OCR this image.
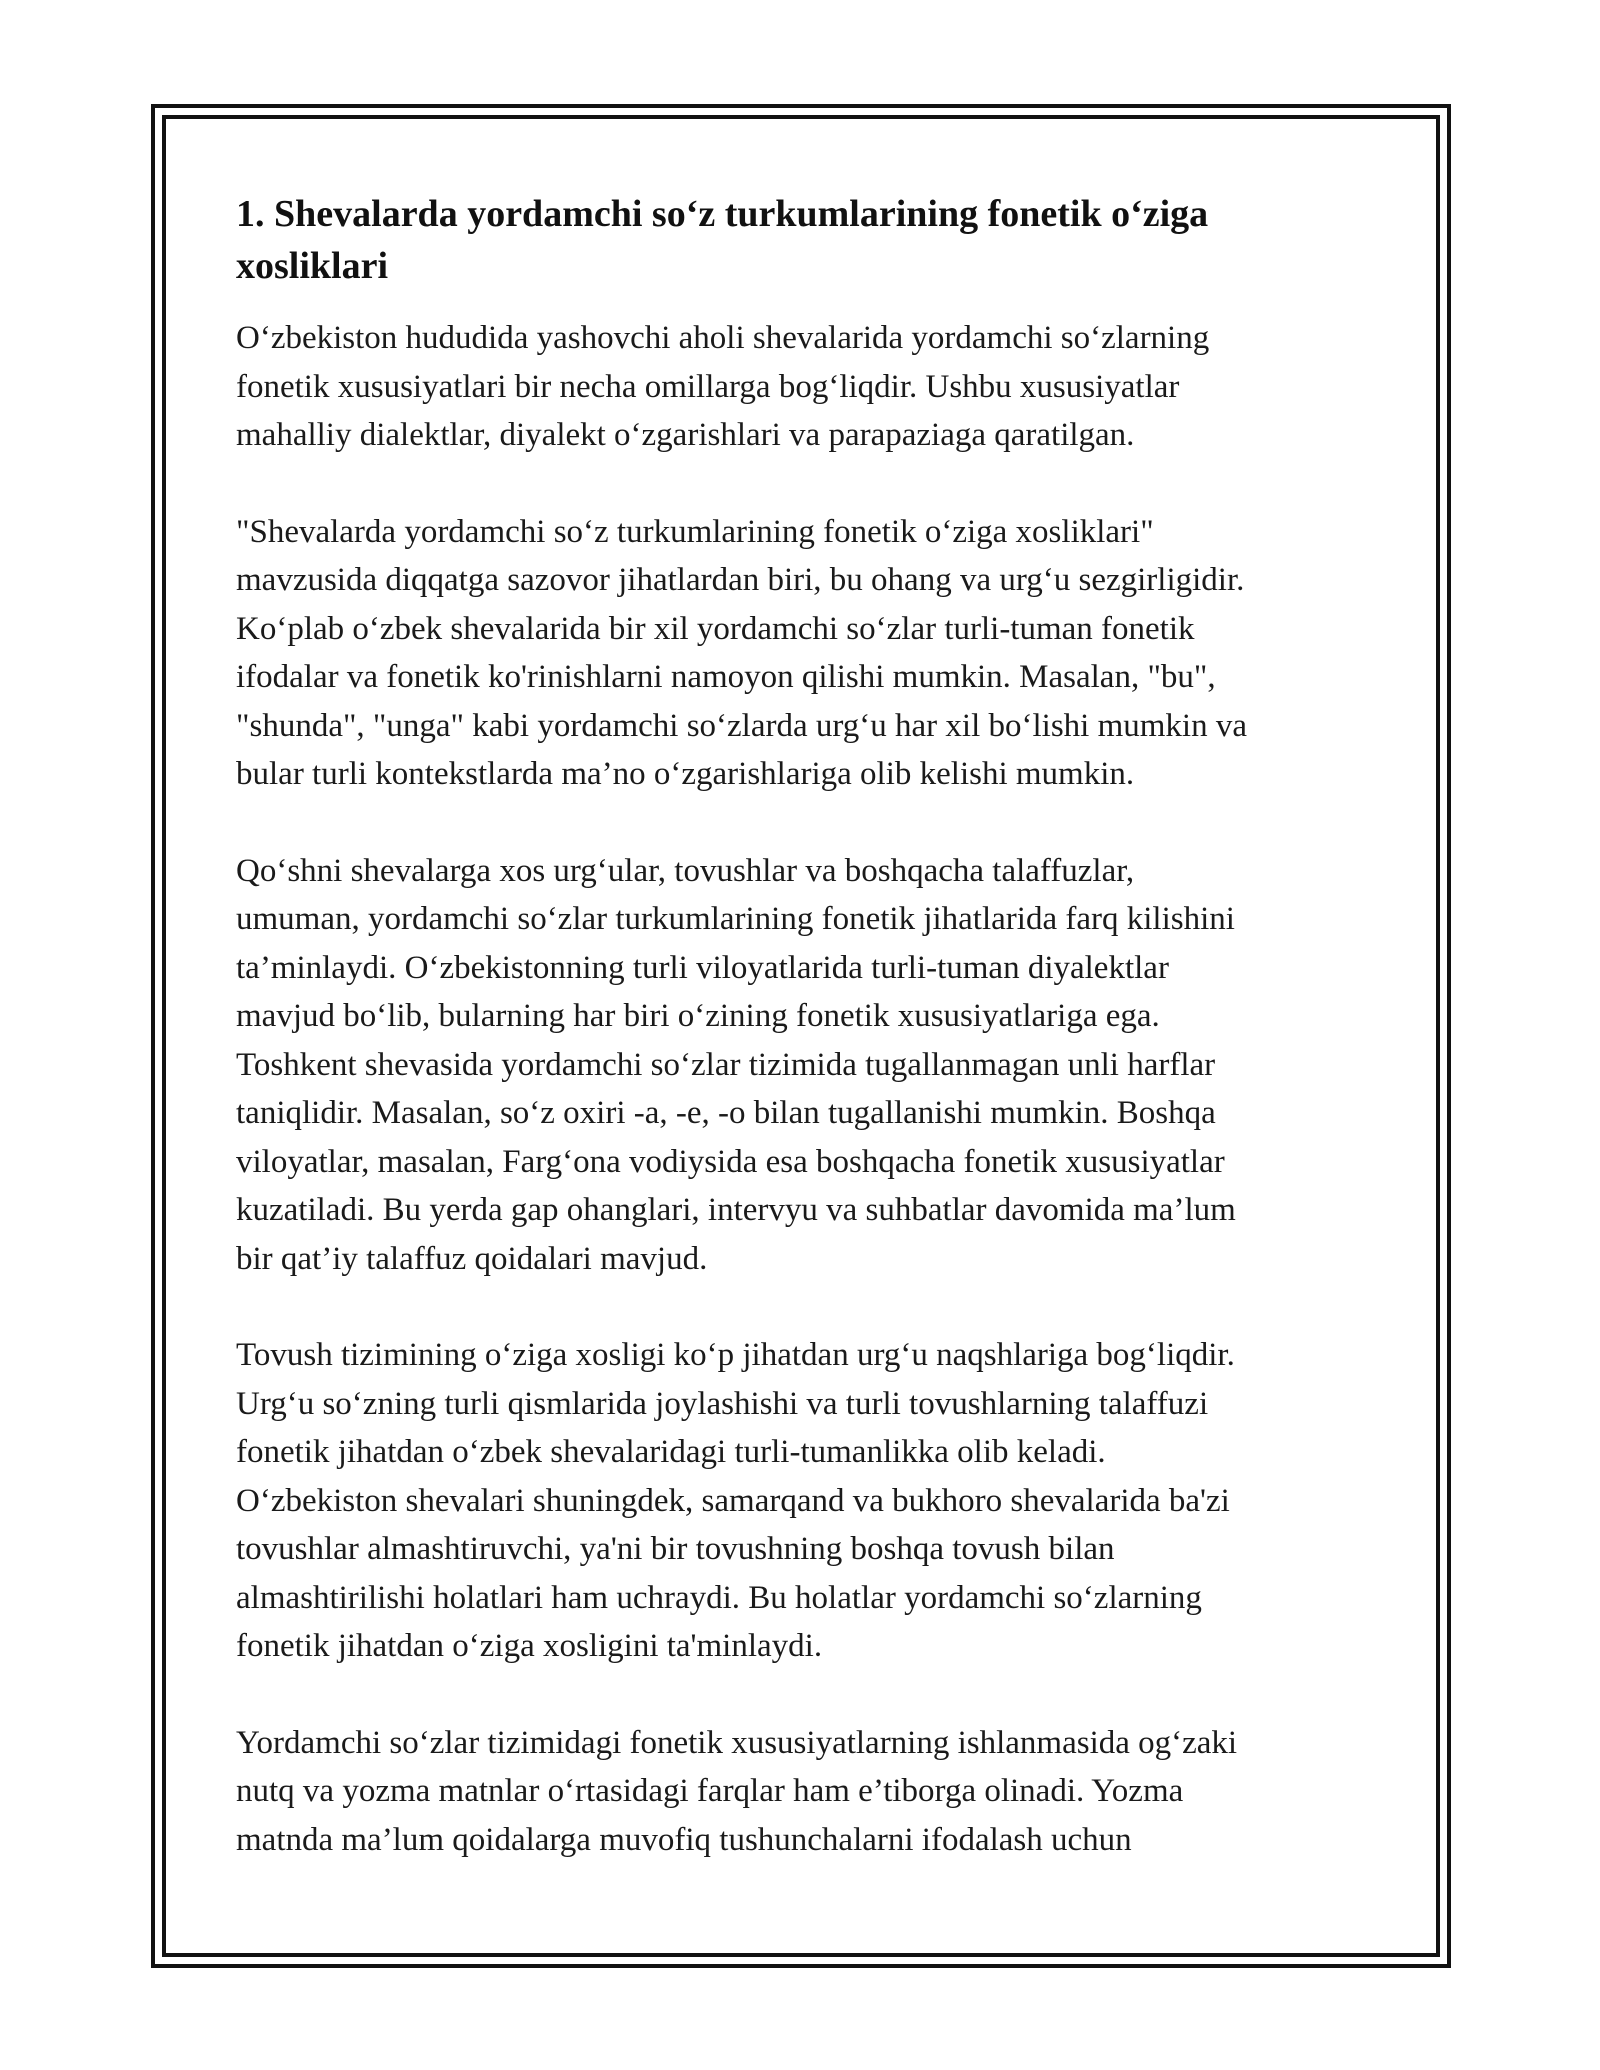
1. Shevalarda yordamchi so‘z turkumlarining fonetik o‘ziga
xosliklari

O‘zbekiston hududida yashovchi aholi shevalarida yordamchi so‘zlarning
fonetik xususiyatlari bir necha omillarga bog‘liqdir. Ushbu xususiyatlar
mahalliy dialektlar, diyalekt o‘zgarishlari va parapaziaga qaratilgan.

"Shevalarda yordamchi so‘z turkumlarining fonetik o‘ziga xosliklari"
mavzusida diqqatga sazovor jihatlardan biri, bu ohang va urg‘u sezgirligidir.
Ko‘plab o‘zbek shevalarida bir xil yordamchi so‘zlar turli-tuman fonetik
ifodalar va fonetik ko'rinishlarni namoyon qilishi mumkin. Masalan, "bu",
"shunda", "unga" kabi yordamchi so‘zlarda urg‘u har xil bo‘lishi mumkin va
bular turli kontekstlarda ma’no o‘zgarishlariga olib kelishi mumkin.

Qo‘shni shevalarga xos urg‘ular, tovushlar va boshqacha talaffuzlar,
umuman, yordamchi so‘zlar turkumlarining fonetik jihatlarida farq kilishini
ta’minlaydi. O‘zbekistonning turli viloyatlarida turli-tuman diyalektlar
mavjud bo‘lib, bularning har biri o‘zining fonetik xususiyatlariga ega.
Toshkent shevasida yordamchi so‘zlar tizimida tugallanmagan unli harflar
taniqlidir. Masalan, so‘z oxiri -a, -e, -o bilan tugallanishi mumkin. Boshqa
viloyatlar, masalan, Farg‘ona vodiysida esa boshqacha fonetik xususiyatlar
kuzatiladi. Bu yerda gap ohanglari, intervyu va suhbatlar davomida ma’lum
bir qat’iy talaffuz qoidalari mavjud.

Tovush tizimining o‘ziga xosligi ko‘p jihatdan urg‘u naqshlariga bog‘liqdir.
Urg‘u so‘zning turli qismlarida joylashishi va turli tovushlarning talaffuzi
fonetik jihatdan o‘zbek shevalaridagi turli-tumanlikka olib keladi.
O‘zbekiston shevalari shuningdek, samarqand va bukhoro shevalarida ba'zi
tovushlar almashtiruvchi, ya'ni bir tovushning boshqa tovush bilan
almashtirilishi holatlari ham uchraydi. Bu holatlar yordamchi so‘zlarning
fonetik jihatdan o‘ziga xosligini ta'minlaydi.

Yordamchi so‘zlar tizimidagi fonetik xususiyatlarning ishlanmasida og‘zaki
nutq va yozma matnlar o‘rtasidagi farqlar ham e’tiborga olinadi. Yozma
matnda ma’lum qoidalarga muvofiq tushunchalarni ifodalash uchun
